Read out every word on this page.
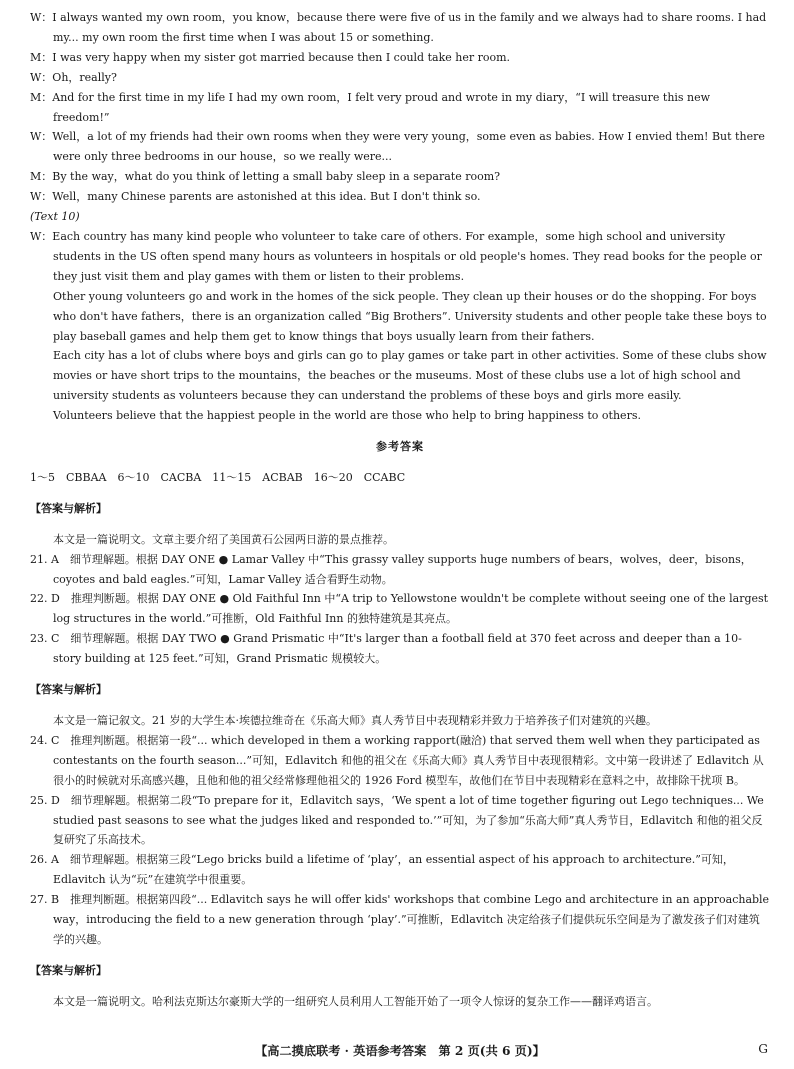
W：I always wanted my own room，you know，because there were five of us in the family and we always had to share rooms. I had my... my own room the first time when I was about 15 or something.

M：I was very happy when my sister got married because then I could take her room.

W：Oh，really?

M：And for the first time in my life I had my own room，I felt very proud and wrote in my diary，“I will treasure this new freedom!”

W：Well，a lot of my friends had their own rooms when they were very young，some even as babies. How I envied them! But there were only three bedrooms in our house，so we really were...

M：By the way，what do you think of letting a small baby sleep in a separate room?

W：Well，many Chinese parents are astonished at this idea. But I don't think so.

(Text 10)

W：Each country has many kind people who volunteer to take care of others. For example，some high school and university students in the US often spend many hours as volunteers in hospitals or old people's homes. They read books for the people or they just visit them and play games with them or listen to their problems.

Other young volunteers go and work in the homes of the sick people. They clean up their houses or do the shopping. For boys who don't have fathers，there is an organization called “Big Brothers”. University students and other people take these boys to play baseball games and help them get to know things that boys usually learn from their fathers.

Each city has a lot of clubs where boys and girls can go to play games or take part in other activities. Some of these clubs show movies or have short trips to the mountains，the beaches or the museums. Most of these clubs use a lot of high school and university students as volunteers because they can understand the problems of these boys and girls more easily.

Volunteers believe that the happiest people in the world are those who help to bring happiness to others.

参考答案

1～5　CBBAA　6～10　CACBA　11～15　ACBAB　16～20　CCABC

【答案与解析】

本文是一篇说明文。文章主要介绍了美国黄石公园两日游的景点推荐。

21. A　 细节理解题。根据 DAY ONE ● Lamar Valley 中“This grassy valley supports huge numbers of bears，wolves，deer，bisons，coyotes and bald eagles.”可知，Lamar Valley 适合看野生动物。

22. D　 推理判断题。根据 DAY ONE ● Old Faithful Inn 中“A trip to Yellowstone wouldn't be complete without seeing one of the largest log structures in the world.”可推断，Old Faithful Inn 的独特建筑是其亮点。

23. C　 细节理解题。根据 DAY TWO ● Grand Prismatic 中“It's larger than a football field at 370 feet across and deeper than a 10-story building at 125 feet.”可知，Grand Prismatic 规模较大。

【答案与解析】

本文是一篇记叙文。21 岁的大学生本·埃德拉维奇在《乐高大师》真人秀节目中表现精彩并致力于培养孩子们对建筑的兴趣。

24. C　 推理判断题。根据第一段“... which developed in them a working rapport(融洽) that served them well when they participated as contestants on the fourth season...”可知，Edlavitch 和他的祖父在《乐高大师》真人秀节目中表现很精彩。文中第一段讲述了 Edlavitch 从很小的时候就对乐高感兴趣，且他和他的祖父经常修理他祖父的 1926 Ford 模型车，故他们在节目中表现精彩在意料之中，故排除干扰项 B。

25. D　 细节理解题。根据第二段“To prepare for it，Edlavitch says，‘We spent a lot of time together figuring out Lego techniques... We studied past seasons to see what the judges liked and responded to.’”可知，为了参加“乐高大师”真人秀节目，Edlavitch 和他的祖父反复研究了乐高技术。

26. A　 细节理解题。根据第三段“Lego bricks build a lifetime of ‘play’，an essential aspect of his approach to architecture.”可知，Edlavitch 认为“玩”在建筑学中很重要。

27. B　 推理判断题。根据第四段“... Edlavitch says he will offer kids' workshops that combine Lego and architecture in an approachable way，introducing the field to a new generation through ‘play’.”可推断，Edlavitch 决定给孩子们提供玩乐空间是为了激发孩子们对建筑学的兴趣。

【答案与解析】

本文是一篇说明文。哈利法克斯达尔豪斯大学的一组研究人员利用人工智能开始了一项令人惊讶的复杂工作——翻译鸡语言。

【高二摸底联考 · 英语参考答案　第 2 页(共 6 页)】	G
